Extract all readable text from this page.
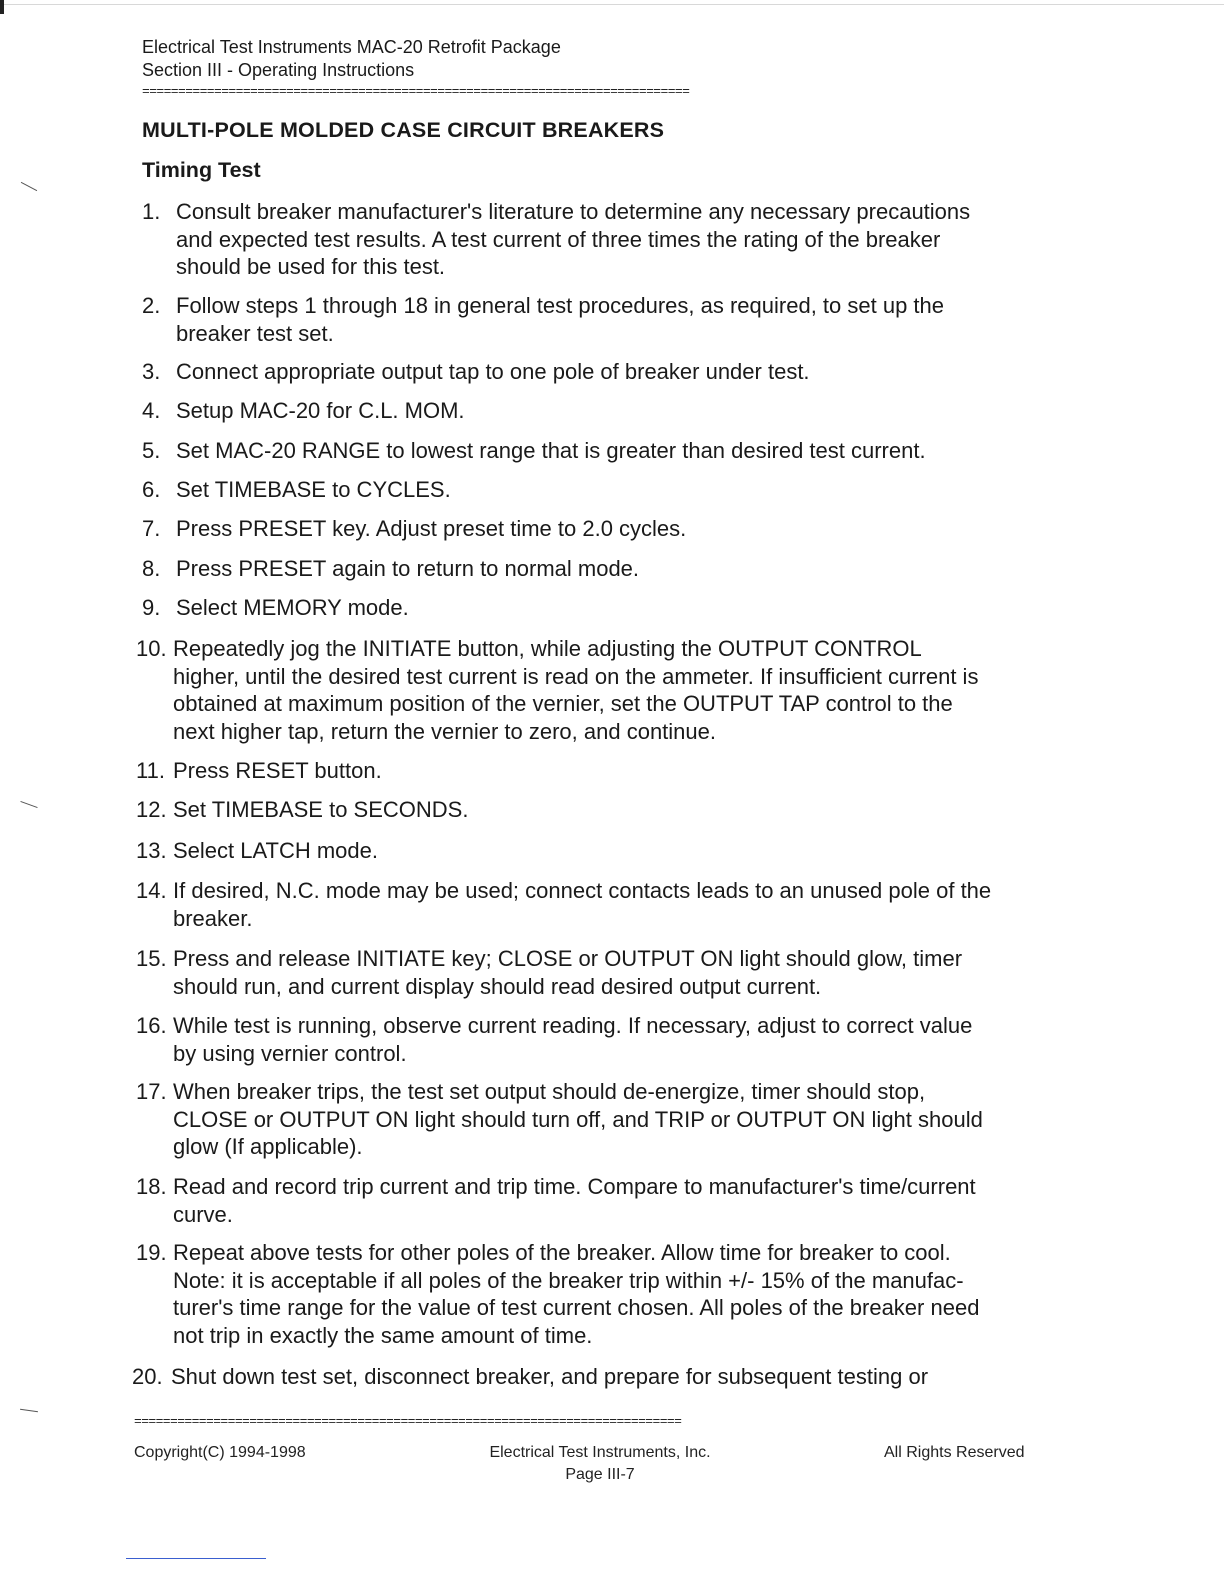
Electrical Test Instruments MAC-20 Retrofit Package
Section III - Operating Instructions
============================================================================
MULTI-POLE MOLDED CASE CIRCUIT BREAKERS
Timing Test
1. Consult breaker manufacturer's literature to determine any necessary precautions
and expected test results. A test current of three times the rating of the breaker
should be used for this test.
2. Follow steps 1 through 18 in general test procedures, as required, to set up the
breaker test set.
3. Connect appropriate output tap to one pole of breaker under test.
4. Setup MAC-20 for C.L. MOM.
5. Set MAC-20 RANGE to lowest range that is greater than desired test current.
6. Set TIMEBASE to CYCLES.
7. Press PRESET key. Adjust preset time to 2.0 cycles.
8. Press PRESET again to return to normal mode.
9. Select MEMORY mode.
10. Repeatedly jog the INITIATE button, while adjusting the OUTPUT CONTROL
higher, until the desired test current is read on the ammeter. If insufficient current is
obtained at maximum position of the vernier, set the OUTPUT TAP control to the
next higher tap, return the vernier to zero, and continue.
11. Press RESET button.
12. Set TIMEBASE to SECONDS.
13. Select LATCH mode.
14. If desired, N.C. mode may be used; connect contacts leads to an unused pole of the
breaker.
15. Press and release INITIATE key; CLOSE or OUTPUT ON light should glow, timer
should run, and current display should read desired output current.
16. While test is running, observe current reading. If necessary, adjust to correct value
by using vernier control.
17. When breaker trips, the test set output should de-energize, timer should stop,
CLOSE or OUTPUT ON light should turn off, and TRIP or OUTPUT ON light should
glow (If applicable).
18. Read and record trip current and trip time. Compare to manufacturer's time/current
curve.
19. Repeat above tests for other poles of the breaker. Allow time for breaker to cool.
Note: it is acceptable if all poles of the breaker trip within +/- 15% of the manufac-
turer's time range for the value of test current chosen. All poles of the breaker need
not trip in exactly the same amount of time.
20. Shut down test set, disconnect breaker, and prepare for subsequent testing or
============================================================================
Copyright(C) 1994-1998	Electrical Test Instruments, Inc.
Page III-7
All Rights Reserved
